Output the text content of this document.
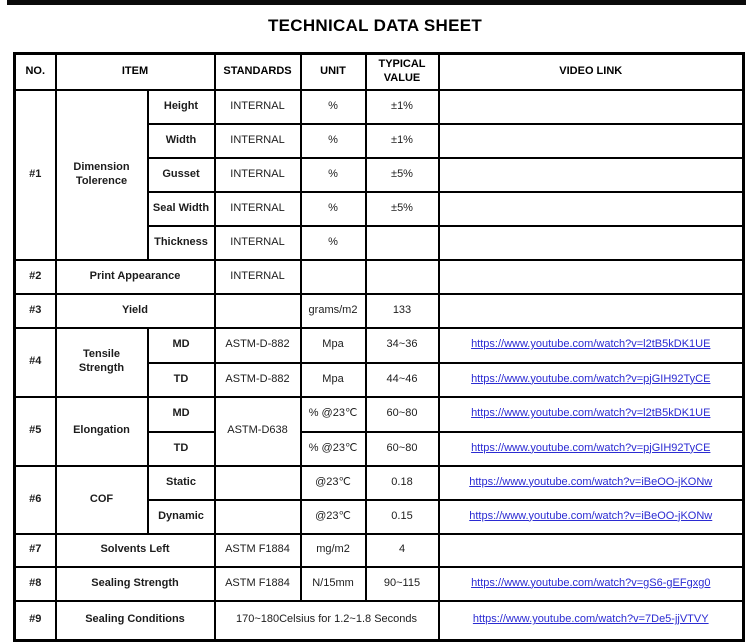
TECHNICAL DATA SHEET
NO.	ITEM		STANDARDS	UNIT	TYPICAL VALUE	VIDEO LINK
#1	Dimension Tolerence	Height	INTERNAL	%	±1%	
		Width	INTERNAL	%	±1%	
		Gusset	INTERNAL	%	±5%	
		Seal Width	INTERNAL	%	±5%	
		Thickness	INTERNAL	%		
#2	Print Appearance		INTERNAL			
#3	Yield			grams/m2	133	
#4	Tensile Strength	MD	ASTM-D-882	Mpa	34~36	https://www.youtube.com/watch?v=l2tB5kDK1UE
		TD	ASTM-D-882	Mpa	44~46	https://www.youtube.com/watch?v=pjGIH92TyCE
#5	Elongation	MD	ASTM-D638	% @23℃	60~80	https://www.youtube.com/watch?v=l2tB5kDK1UE
		TD		% @23℃	60~80	https://www.youtube.com/watch?v=pjGIH92TyCE
#6	COF	Static		@23℃	0.18	https://www.youtube.com/watch?v=iBeOO-jKONw
		Dynamic		@23℃	0.15	https://www.youtube.com/watch?v=iBeOO-jKONw
#7	Solvents Left		ASTM F1884	mg/m2	4	
#8	Sealing Strength		ASTM F1884	N/15mm	90~115	https://www.youtube.com/watch?v=gS6-gEFgxg0
#9	Sealing Conditions		170~180Celsius for 1.2~1.8 Seconds			https://www.youtube.com/watch?v=7De5-jjVTVY
